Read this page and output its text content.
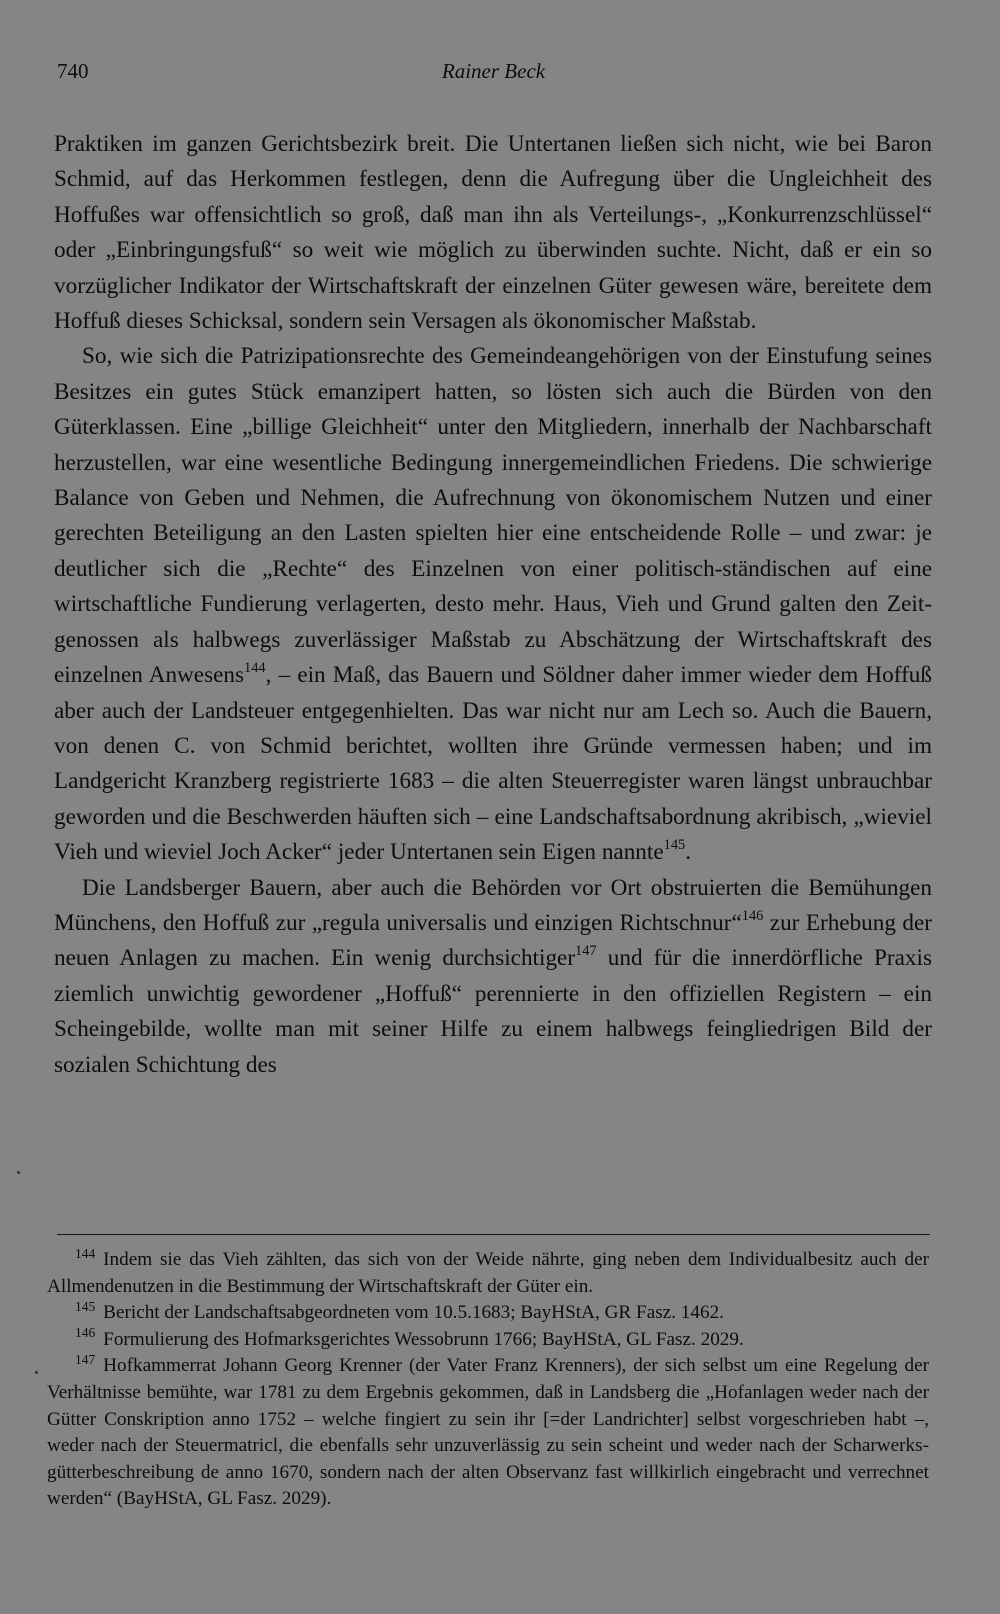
740	Rainer Beck

Praktiken im ganzen Gerichtsbezirk breit. Die Untertanen ließen sich nicht, wie bei Baron Schmid, auf das Herkommen festlegen, denn die Aufregung über die Ungleichheit des Hoffußes war offensichtlich so groß, daß man ihn als Verteilungs-, „Konkurrenzschlüssel“ oder „Einbringungsfuß“ so weit wie möglich zu überwinden suchte. Nicht, daß er ein so vorzüglicher Indikator der Wirtschaftskraft der einzelnen Güter gewesen wäre, bereitete dem Hoffuß dieses Schicksal, sondern sein Versagen als ökonomischer Maßstab.

So, wie sich die Patrizipationsrechte des Gemeindeangehörigen von der Einstufung seines Besitzes ein gutes Stück emanzipert hatten, so lösten sich auch die Bürden von den Güterklassen. Eine „billige Gleichheit“ unter den Mitgliedern, innerhalb der Nachbarschaft herzustellen, war eine wesentliche Bedingung innergemeindlichen Friedens. Die schwierige Balance von Geben und Nehmen, die Aufrechnung von ökonomischem Nutzen und einer gerechten Beteiligung an den Lasten spielten hier eine entscheidende Rolle – und zwar: je deutlicher sich die „Rechte“ des Einzelnen von einer politisch-ständischen auf eine wirtschaftliche Fundierung verlagerten, desto mehr. Haus, Vieh und Grund galten den Zeitgenossen als halbwegs zuverlässiger Maßstab zu Abschätzung der Wirtschaftskraft des einzelnen Anwesens$^{144}$, – ein Maß, das Bauern und Söldner daher immer wieder dem Hoffuß aber auch der Landsteuer entgegenhielten. Das war nicht nur am Lech so. Auch die Bauern, von denen C. von Schmid berichtet, wollten ihre Gründe vermessen haben; und im Landgericht Kranzberg registrierte 1683 – die alten Steuerregister waren längst unbrauchbar geworden und die Beschwerden häuften sich – eine Landschaftsabordnung akribisch, „wieviel Vieh und wieviel Joch Acker“ jeder Untertanen sein Eigen nannte$^{145}$.

Die Landsberger Bauern, aber auch die Behörden vor Ort obstruierten die Bemühungen Münchens, den Hoffuß zur „regula universalis und einzigen Richtschnur“$^{146}$ zur Erhebung der neuen Anlagen zu machen. Ein wenig durchsichtiger$^{147}$ und für die innerdörfliche Praxis ziemlich unwichtig gewordener „Hoffuß“ perennierte in den offiziellen Registern – ein Scheingebilde, wollte man mit seiner Hilfe zu einem halbwegs feingliedrigen Bild der sozialen Schichtung des

$^{144}$ Indem sie das Vieh zählten, das sich von der Weide nährte, ging neben dem Individualbesitz auch der Allmendenutzen in die Bestimmung der Wirtschaftskraft der Güter ein.

$^{145}$ Bericht der Landschaftsabgeordneten vom 10.5.1683; BayHStA, GR Fasz. 1462.

$^{146}$ Formulierung des Hofmarksgerichtes Wessobrunn 1766; BayHStA, GL Fasz. 2029.

$^{147}$ Hofkammerrat Johann Georg Krenner (der Vater Franz Krenners), der sich selbst um eine Regelung der Verhältnisse bemühte, war 1781 zu dem Ergebnis gekommen, daß in Landsberg die „Hofanlagen weder nach der Gütter Conskription anno 1752 – welche fingiert zu sein ihr [=der Landrichter] selbst vorgeschrieben habt –, weder nach der Steuermatricl, die ebenfalls sehr unzuverlässig zu sein scheint und weder nach der Scharwerksgütterbeschreibung de anno 1670, sondern nach der alten Observanz fast willkirlich eingebracht und verrechnet werden“ (BayHStA, GL Fasz. 2029).
